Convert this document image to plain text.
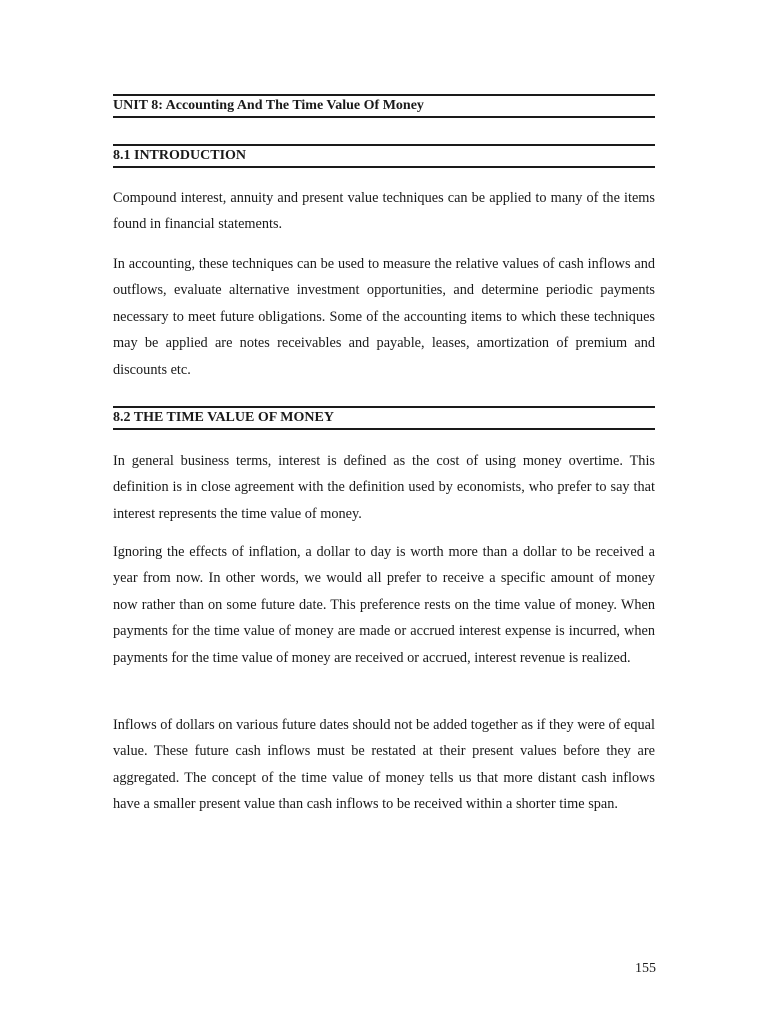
UNIT 8: Accounting And The Time Value Of Money
8.1 INTRODUCTION

Compound interest, annuity and present value techniques can be applied to many of the items found in financial statements.

In accounting, these techniques can be used to measure the relative values of cash inflows and outflows, evaluate alternative investment opportunities, and determine periodic payments necessary to meet future obligations. Some of the accounting items to which these techniques may be applied are notes receivables and payable, leases, amortization of premium and discounts etc.

8.2 THE TIME VALUE OF MONEY

In general business terms, interest is defined as the cost of using money overtime. This definition is in close agreement with the definition used by economists, who prefer to say that interest represents the time value of money.

Ignoring the effects of inflation, a dollar to day is worth more than a dollar to be received a year from now. In other words, we would all prefer to receive a specific amount of money now rather than on some future date. This preference rests on the time value of money. When payments for the time value of money are made or accrued interest expense is incurred, when payments for the time value of money are received or accrued, interest revenue is realized.

Inflows of dollars on various future dates should not be added together as if they were of equal value. These future cash inflows must be restated at their present values before they are aggregated. The concept of the time value of money tells us that more distant cash inflows have a smaller present value than cash inflows to be received within a shorter time span.

155
